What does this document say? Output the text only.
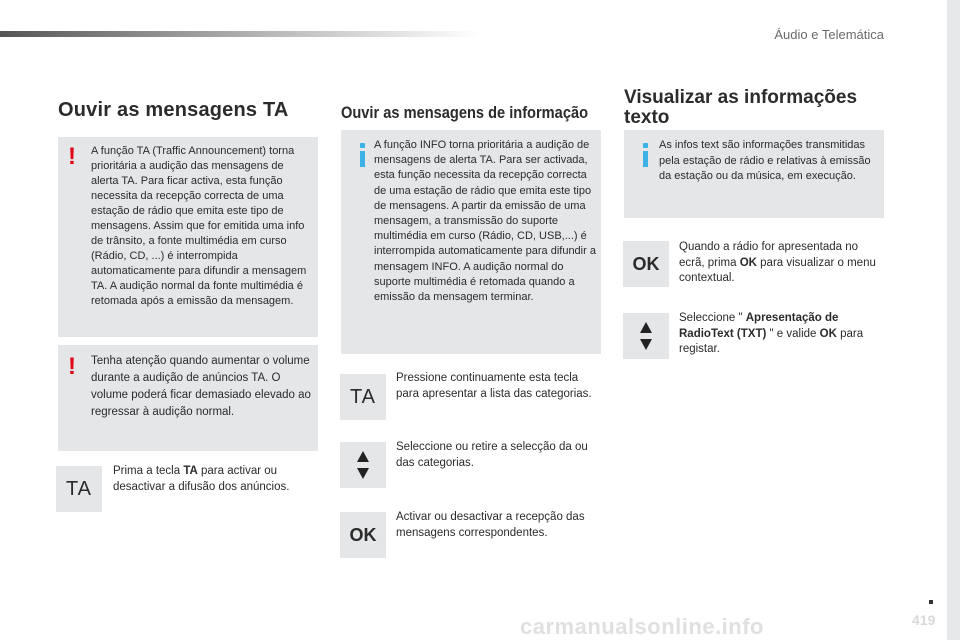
Áudio e Telemática
Ouvir as mensagens TA
! A função TA (Traffic Announcement) torna prioritária a audição das mensagens de alerta TA. Para ficar activa, esta função necessita da recepção correcta de uma estação de rádio que emita este tipo de mensagens. Assim que for emitida uma info de trânsito, a fonte multimédia em curso (Rádio, CD, ...) é interrompida automaticamente para difundir a mensagem TA. A audição normal da fonte multimédia é retomada após a emissão da mensagem.
! Tenha atenção quando aumentar o volume durante a audição de anúncios TA. O volume poderá ficar demasiado elevado ao regressar à audição normal.
TA
Prima a tecla TA para activar ou desactivar a difusão dos anúncios.
Ouvir as mensagens de informação
A função INFO torna prioritária a audição de mensagens de alerta TA. Para ser activada, esta função necessita da recepção correcta de uma estação de rádio que emita este tipo de mensagens. A partir da emissão de uma mensagem, a transmissão do suporte multimédia em curso (Rádio, CD, USB,...) é interrompida automaticamente para difundir a mensagem INFO. A audição normal do suporte multimédia é retomada quando a emissão da mensagem terminar.
TA
Pressione continuamente esta tecla para apresentar a lista das categorias.
Seleccione ou retire a selecção da ou das categorias.
OK
Activar ou desactivar a recepção das mensagens correspondentes.
Visualizar as informações
texto
As infos text são informações transmitidas pela estação de rádio e relativas à emissão da estação ou da música, em execução.
OK
Quando a rádio for apresentada no ecrã, prima OK para visualizar o menu contextual.
Seleccione " Apresentação de RadioText (TXT) " e valide OK para registar.
carmanualsonline.info	419
